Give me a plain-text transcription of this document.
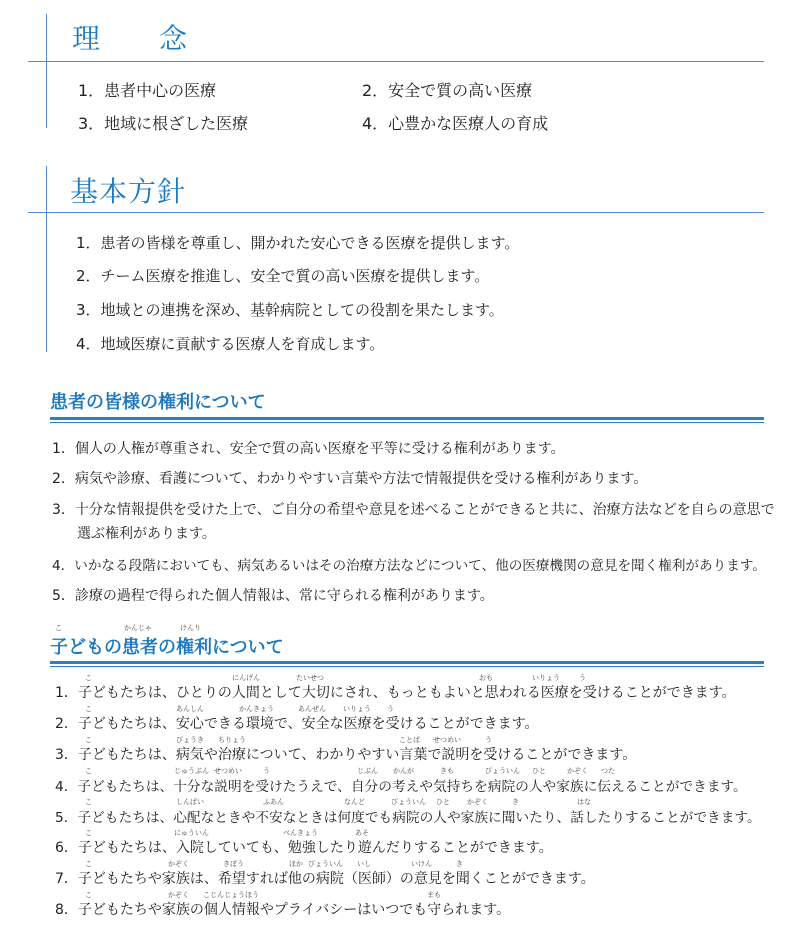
理　　念
1．患者中心の医療	2．安全で質の高い医療
3．地域に根ざした医療	4．心豊かな医療人の育成
基本方針
1．患者の皆様を尊重し、開かれた安心できる医療を提供します。
2．チーム医療を推進し、安全で質の高い医療を提供します。
3．地域との連携を深め、基幹病院としての役割を果たします。
4．地域医療に貢献する医療人を育成します。
患者の皆様の権利について
1．個人の人権が尊重され、安全で質の高い医療を平等に受ける権利があります。
2．病気や診療、看護について、わかりやすい言葉や方法で情報提供を受ける権利があります。
3．十分な情報提供を受けた上で、ご自分の希望や意見を述べることができると共に、治療方法などを自らの意思で
選ぶ権利があります。
4．いかなる段階においても、病気あるいはその治療方法などについて、他の医療機関の意見を聞く権利があります。
5．診療の過程で得られた個人情報は、常に守られる権利があります。
こ	かんじゃ	けんり
子どもの患者の権利について
こ	にんげん	たいせつ	おも	いりょう	う
1．子どもたちは、ひとりの人間として大切にされ、もっともよいと思われる医療を受けることができます。
こ	あんしん	かんきょう	あんぜん いりょう う
2．子どもたちは、安心できる環境で、安全な医療を受けることができます。
こ	びょうき ちりょう	ことば せつめい	う
3．子どもたちは、病気や治療について、わかりやすい言葉で説明を受けることができます。
こ	じゅうぶん せつめい	う	じぶん かんが	きも	びょういん ひと	かぞく つた
4．子どもたちは、十分な説明を受けたうえで、自分の考えや気持ちを病院の人や家族に伝えることができます。
こ	しんぱい	ふあん	なんど	びょういん ひと かぞく	き	はな
5．子どもたちは、心配なときや不安なときは何度でも病院の人や家族に聞いたり、話したりすることができます。
こ	にゅういん	べんきょう	あそ
6．子どもたちは、入院していても、勉強したり遊んだりすることができます。
こ	かぞく	きぼう	ほか びょういん いし	いけん	き
7．子どもたちや家族は、希望すれば他の病院（医師）の意見を聞くことができます。
こ	かぞく こじんじょうほう	まも
8．子どもたちや家族の個人情報やプライバシーはいつでも守られます。
